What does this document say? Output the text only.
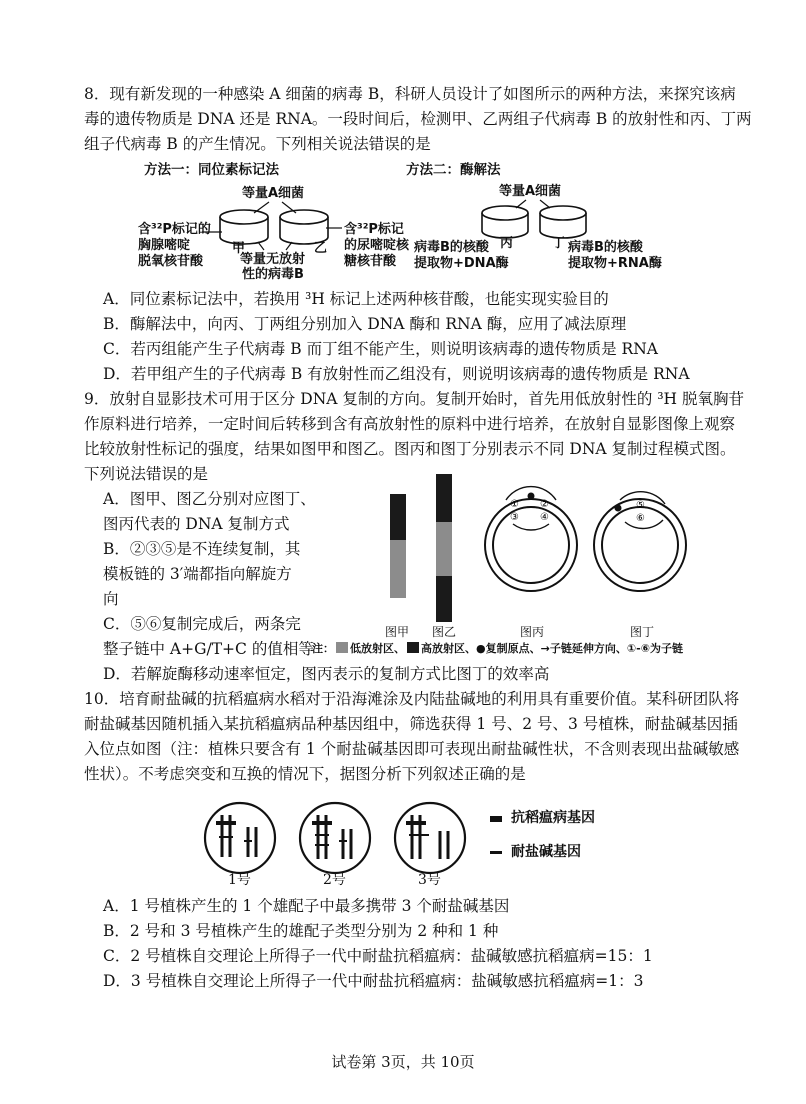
8．现有新发现的一种感染 A 细菌的病毒 B，科研人员设计了如图所示的两种方法，来探究该病
毒的遗传物质是 DNA 还是 RNA。一段时间后，检测甲、乙两组子代病毒 B 的放射性和丙、丁两
组子代病毒 B 的产生情况。下列相关说法错误的是
方法一：同位素标记法	方法二：酶解法
等量A细菌	等量A细菌
含³²P标记的
胸腺嘧啶
脱氧核苷酸
甲	乙
等量无放射
性的病毒B
含³²P标记
的尿嘧啶核
糖核苷酸
丙	丁
病毒B的核酸
提取物+DNA酶
病毒B的核酸
提取物+RNA酶
A．同位素标记法中，若换用 ³H 标记上述两种核苷酸，也能实现实验目的
B．酶解法中，向丙、丁两组分别加入 DNA 酶和 RNA 酶，应用了减法原理
C．若丙组能产生子代病毒 B 而丁组不能产生，则说明该病毒的遗传物质是 RNA
D．若甲组产生的子代病毒 B 有放射性而乙组没有，则说明该病毒的遗传物质是 RNA
9．放射自显影技术可用于区分 DNA 复制的方向。复制开始时，首先用低放射性的 ³H 脱氧胸苷
作原料进行培养，一定时间后转移到含有高放射性的原料中进行培养，在放射自显影图像上观察
比较放射性标记的强度，结果如图甲和图乙。图丙和图丁分别表示不同 DNA 复制过程模式图。
下列说法错误的是
A．图甲、图乙分别对应图丁、
图丙代表的 DNA 复制方式
B．②③⑤是不连续复制，其
模板链的 3′端都指向解旋方
向
C．⑤⑥复制完成后，两条完
整子链中 A+G/T+C 的值相等
① ②
③ ④
⑤
⑥
图甲 图乙	图丙	图丁
注： 低放射区、 高放射区、●复制原点、→子链延伸方向、①-⑥为子链
D．若解旋酶移动速率恒定，图丙表示的复制方式比图丁的效率高
10．培育耐盐碱的抗稻瘟病水稻对于沿海滩涂及内陆盐碱地的利用具有重要价值。某科研团队将
耐盐碱基因随机插入某抗稻瘟病品种基因组中，筛选获得 1 号、2 号、3 号植株，耐盐碱基因插
入位点如图（注：植株只要含有 1 个耐盐碱基因即可表现出耐盐碱性状，不含则表现出盐碱敏感
性状）。不考虑突变和互换的情况下，据图分析下列叙述正确的是
1号	2号	3号
抗稻瘟病基因
耐盐碱基因
A．1 号植株产生的 1 个雄配子中最多携带 3 个耐盐碱基因
B．2 号和 3 号植株产生的雄配子类型分别为 2 种和 1 种
C．2 号植株自交理论上所得子一代中耐盐抗稻瘟病：盐碱敏感抗稻瘟病=15：1
D．3 号植株自交理论上所得子一代中耐盐抗稻瘟病：盐碱敏感抗稻瘟病=1：3
试卷第 3页，共 10页
